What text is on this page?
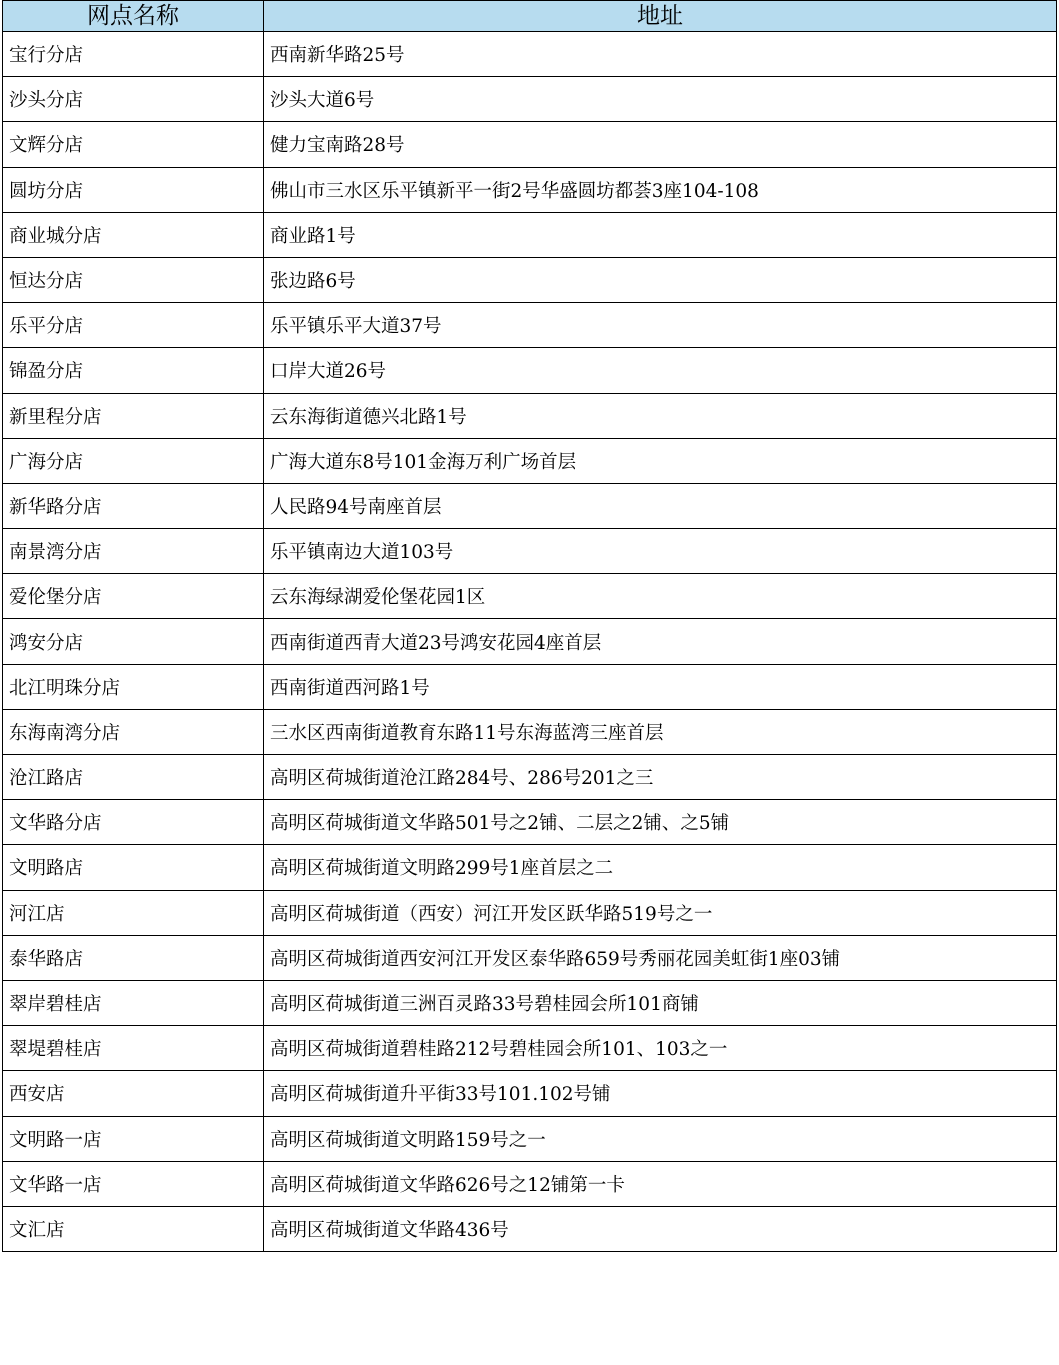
网点名称	地址
宝行分店	西南新华路25号
沙头分店	沙头大道6号
文辉分店	健力宝南路28号
圆坊分店	佛山市三水区乐平镇新平一街2号华盛圆坊都荟3座104-108
商业城分店	商业路1号
恒达分店	张边路6号
乐平分店	乐平镇乐平大道37号
锦盈分店	口岸大道26号
新里程分店	云东海街道德兴北路1号
广海分店	广海大道东8号101金海万利广场首层
新华路分店	人民路94号南座首层
南景湾分店	乐平镇南边大道103号
爱伦堡分店	云东海绿湖爱伦堡花园1区
鸿安分店	西南街道西青大道23号鸿安花园4座首层
北江明珠分店	西南街道西河路1号
东海南湾分店	三水区西南街道教育东路11号东海蓝湾三座首层
沧江路店	高明区荷城街道沧江路284号、286号201之三
文华路分店	高明区荷城街道文华路501号之2铺、二层之2铺、之5铺
文明路店	高明区荷城街道文明路299号1座首层之二
河江店	高明区荷城街道（西安）河江开发区跃华路519号之一
泰华路店	高明区荷城街道西安河江开发区泰华路659号秀丽花园美虹街1座03铺
翠岸碧桂店	高明区荷城街道三洲百灵路33号碧桂园会所101商铺
翠堤碧桂店	高明区荷城街道碧桂路212号碧桂园会所101、103之一
西安店	高明区荷城街道升平街33号101.102号铺
文明路一店	高明区荷城街道文明路159号之一
文华路一店	高明区荷城街道文华路626号之12铺第一卡
文汇店	高明区荷城街道文华路436号
